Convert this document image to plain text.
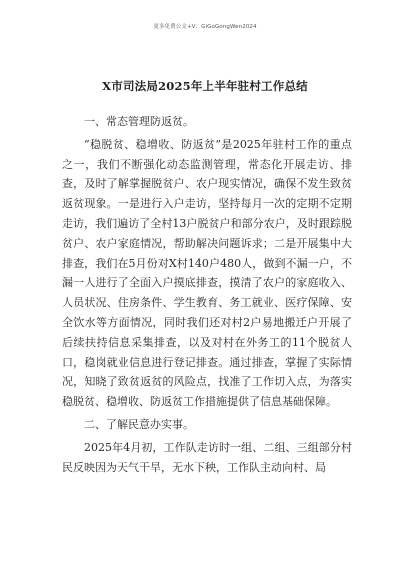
更多免费公文+V：GiGoGongWen2024
X市司法局2025年上半年驻村工作总结

一、常态管理防返贫。

“稳脱贫、稳增收、防返贫”是2025年驻村工作的重点之一，我们不断强化动态监测管理，常态化开展走访、排查，及时了解掌握脱贫户、农户现实情况，确保不发生致贫返贫现象。一是进行入户走访，坚持每月一次的定期不定期走访，我们遍访了全村13户脱贫户和部分农户，及时跟踪脱贫户、农户家庭情况，帮助解决问题诉求；二是开展集中大排查，我们在5月份对X村140户480人，做到不漏一户，不漏一人进行了全面入户摸底排查，摸清了农户的家庭收入、人员状况、住房条件、学生教育、务工就业、医疗保障、安全饮水等方面情况，同时我们还对村2户易地搬迁户开展了后续扶持信息采集排查，以及对村在外务工的11个脱贫人口，稳岗就业信息进行登记排查。通过排查，掌握了实际情况，知晓了致贫返贫的风险点，找准了工作切入点，为落实稳脱贫、稳增收、防返贫工作措施提供了信息基础保障。

二、了解民意办实事。

2025年4月初，工作队走访时一组、二组、三组部分村民反映因为天气干旱，无水下秧，工作队主动向村、局
